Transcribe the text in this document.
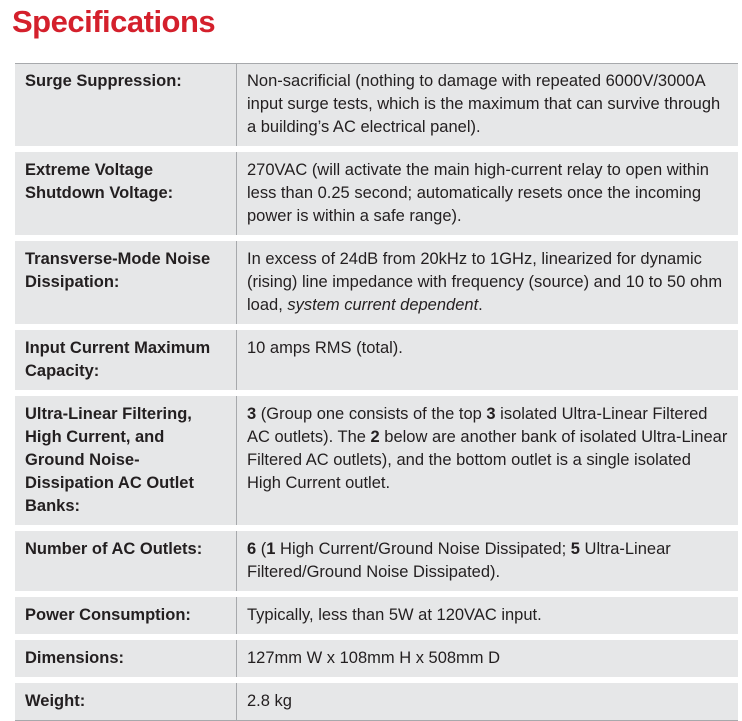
Specifications
Surge Suppression:	Non-sacrificial (nothing to damage with repeated 6000V/3000A input surge tests, which is the maximum that can survive through a building’s AC electrical panel).
Extreme Voltage Shutdown Voltage:	270VAC (will activate the main high-current relay to open within less than 0.25 second; automatically resets once the incoming power is within a safe range).
Transverse-Mode Noise Dissipation:	In excess of 24dB from 20kHz to 1GHz, linearized for dynamic (rising) line impedance with frequency (source) and 10 to 50 ohm load, system current dependent.
Input Current Maximum Capacity:	10 amps RMS (total).
Ultra-Linear Filtering, High Current, and Ground Noise-Dissipation AC Outlet Banks:	3 (Group one consists of the top 3 isolated Ultra-Linear Filtered AC outlets). The 2 below are another bank of isolated Ultra-Linear Filtered AC outlets), and the bottom outlet is a single isolated High Current outlet.
Number of AC Outlets:	6 (1 High Current/Ground Noise Dissipated; 5 Ultra-Linear Filtered/Ground Noise Dissipated).
Power Consumption:	Typically, less than 5W at 120VAC input.
Dimensions:	127mm W x 108mm H x 508mm D
Weight:	2.8 kg
